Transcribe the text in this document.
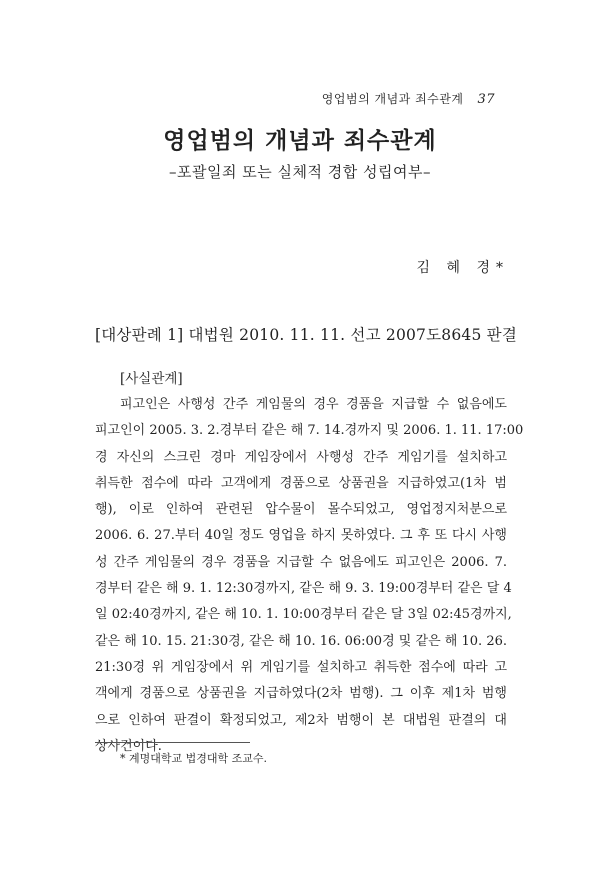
영업범의 개념과 죄수관계 37
영업범의 개념과 죄수관계
–포괄일죄 또는 실체적 경합 성립여부–
김 혜 경*
[대상판례 1] 대법원 2010. 11. 11. 선고 2007도8645 판결
[사실관계]
피고인은 사행성 간주 게임물의 경우 경품을 지급할 수 없음에도
피고인이 2005. 3. 2.경부터 같은 해 7. 14.경까지 및 2006. 1. 11. 17:00
경 자신의 스크린 경마 게임장에서 사행성 간주 게임기를 설치하고
취득한 점수에 따라 고객에게 경품으로 상품권을 지급하였고(1차 범
행), 이로 인하여 관련된 압수물이 몰수되었고, 영업정지처분으로
2006. 6. 27.부터 40일 정도 영업을 하지 못하였다. 그 후 또 다시 사행
성 간주 게임물의 경우 경품을 지급할 수 없음에도 피고인은 2006. 7.
경부터 같은 해 9. 1. 12:30경까지, 같은 해 9. 3. 19:00경부터 같은 달 4
일 02:40경까지, 같은 해 10. 1. 10:00경부터 같은 달 3일 02:45경까지,
같은 해 10. 15. 21:30경, 같은 해 10. 16. 06:00경 및 같은 해 10. 26.
21:30경 위 게임장에서 위 게임기를 설치하고 취득한 점수에 따라 고
객에게 경품으로 상품권을 지급하였다(2차 범행). 그 이후 제1차 범행
으로 인하여 판결이 확정되었고, 제2차 범행이 본 대법원 판결의 대
상사건이다.
* 계명대학교 법경대학 조교수.
